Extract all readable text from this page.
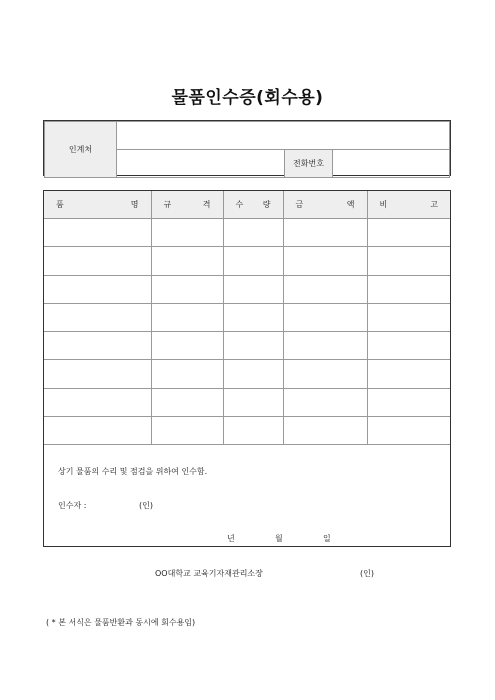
물품인수증(회수용)
인계처			
		전화번호	
품 명	규 격	수 량	금 액	비 고

상기 물품의 수리 및 점검을 위하여 인수함.
인수자 :	(인)
년	월	일
OO대학교 교육기자재관리소장	(인)
( * 본 서식은 물품반환과 동시에 회수용임)
